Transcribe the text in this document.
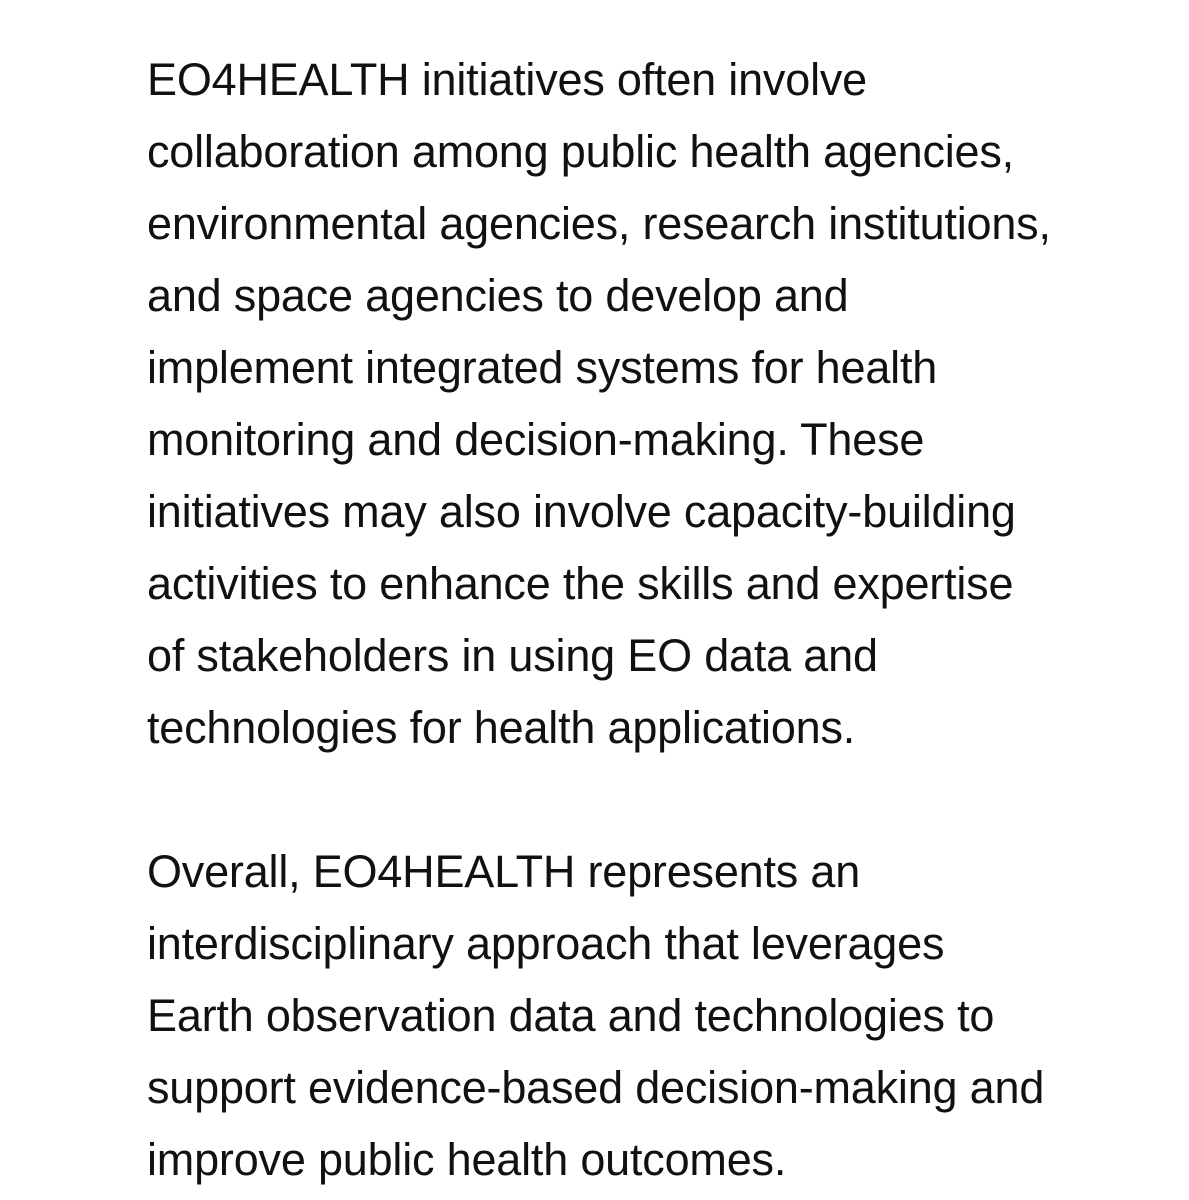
EO4HEALTH initiatives often involve
collaboration among public health agencies,
environmental agencies, research institutions,
and space agencies to develop and
implement integrated systems for health
monitoring and decision-making. These
initiatives may also involve capacity-building
activities to enhance the skills and expertise
of stakeholders in using EO data and
technologies for health applications.
Overall, EO4HEALTH represents an
interdisciplinary approach that leverages
Earth observation data and technologies to
support evidence-based decision-making and
improve public health outcomes.
